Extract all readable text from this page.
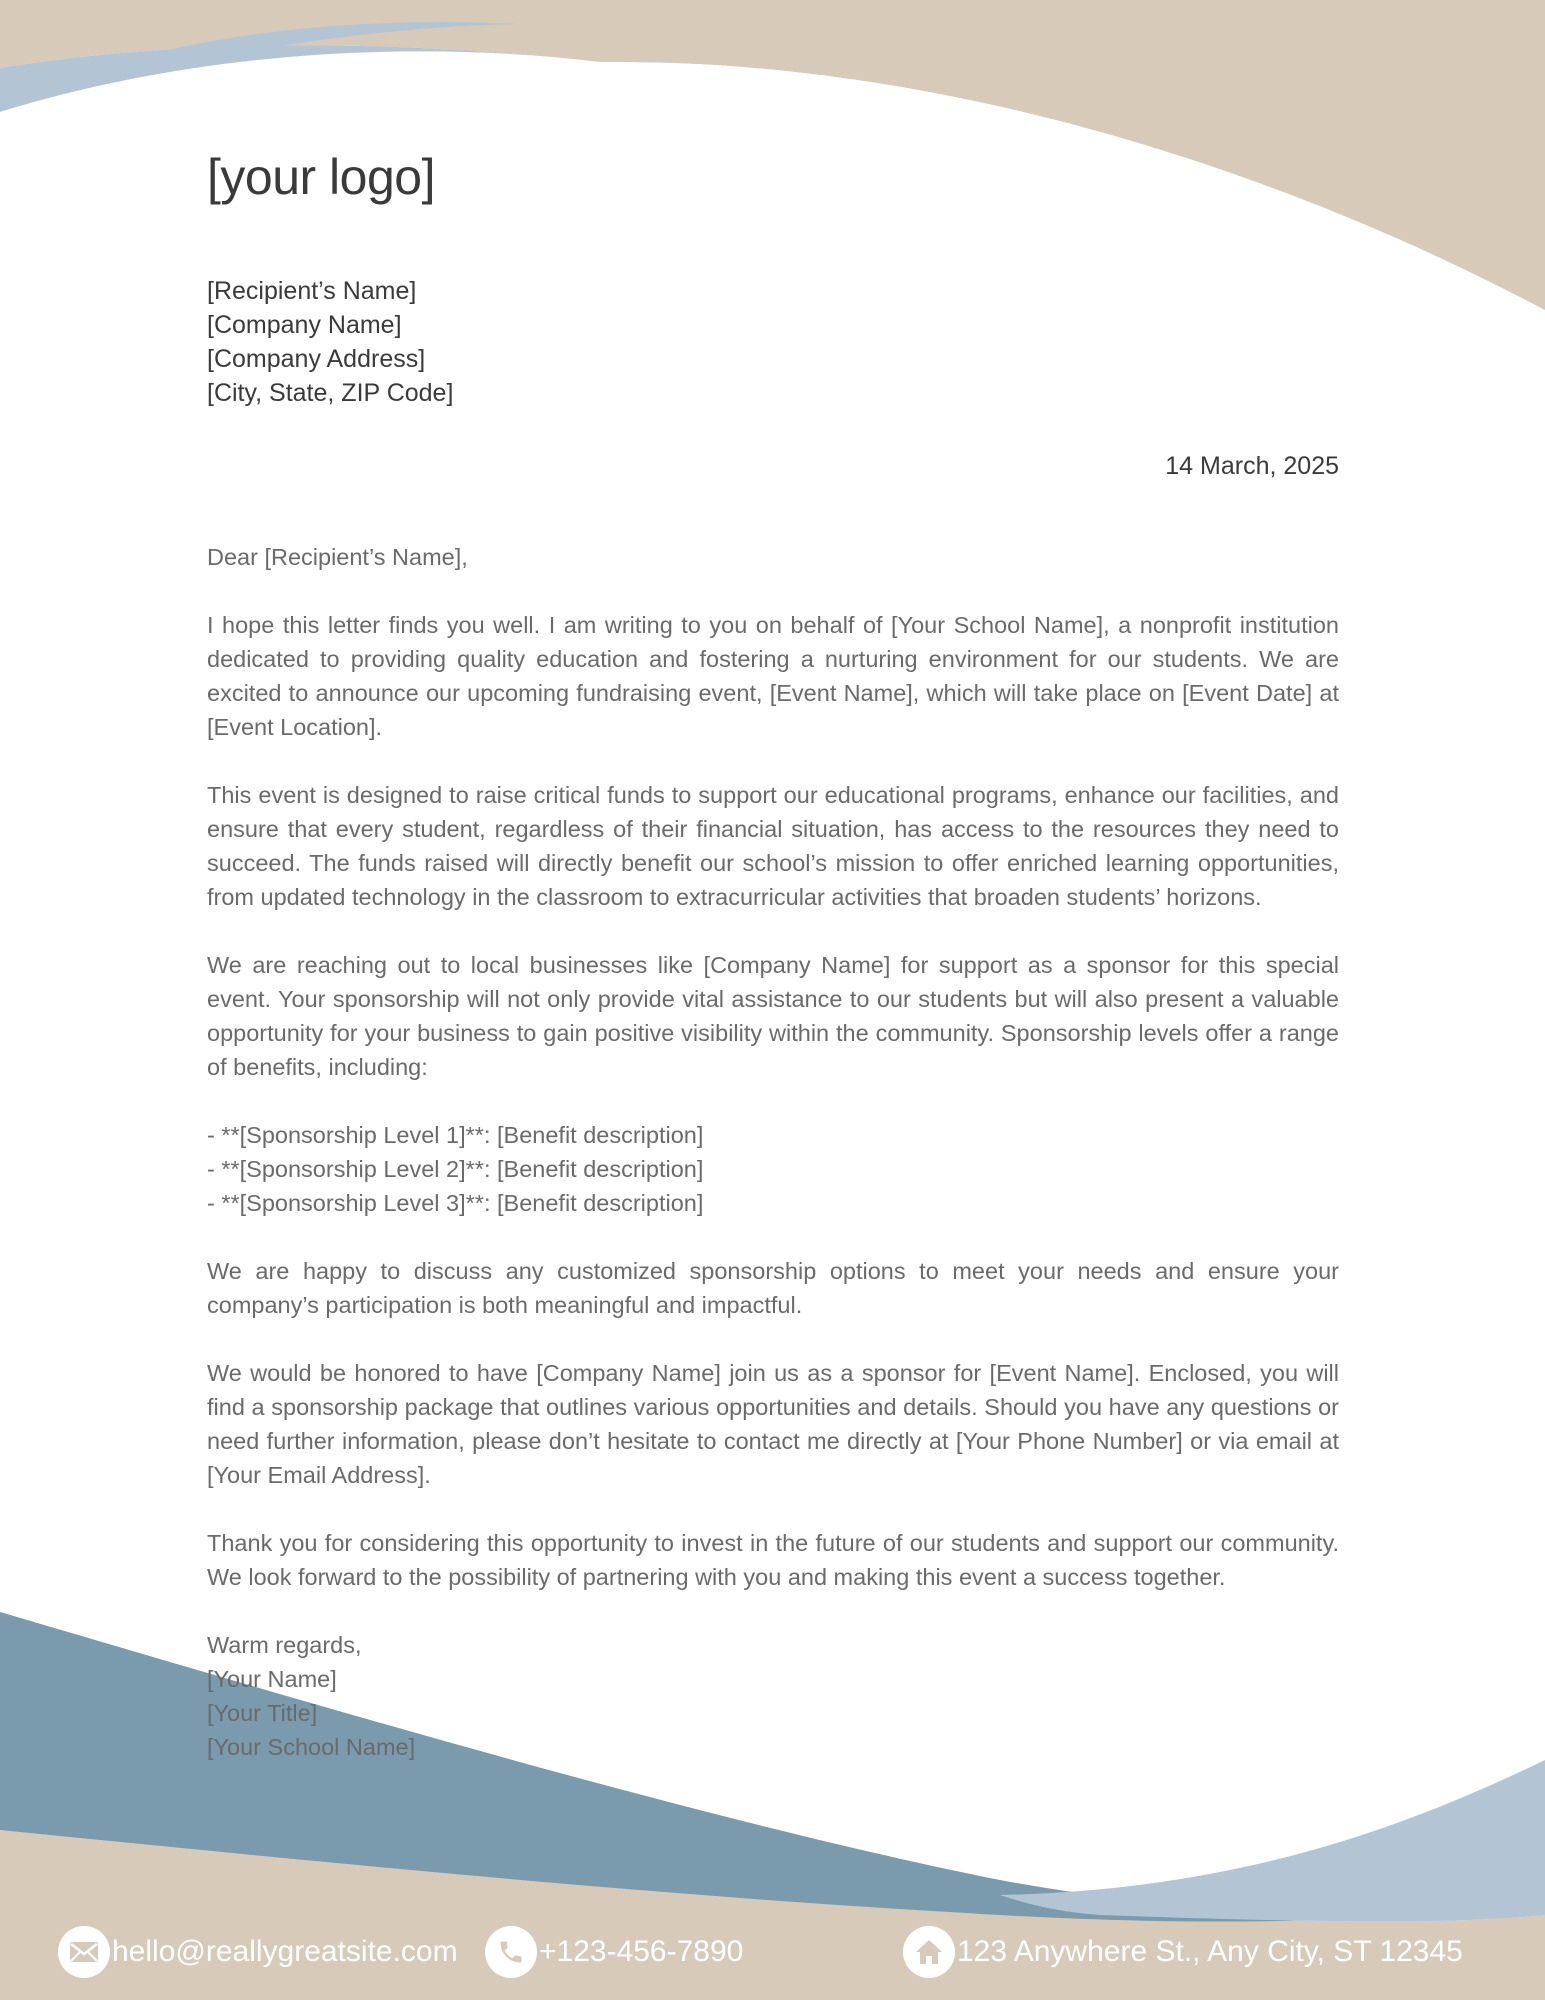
[your logo]
[Recipient’s Name]
[Company Name]
[Company Address]
[City, State, ZIP Code]
14 March, 2025

Dear [Recipient’s Name],

I hope this letter finds you well. I am writing to you on behalf of [Your School Name], a nonprofit institution dedicated to providing quality education and fostering a nurturing environment for our students. We are excited to announce our upcoming fundraising event, [Event Name], which will take place on [Event Date] at [Event Location].

This event is designed to raise critical funds to support our educational programs, enhance our facilities, and ensure that every student, regardless of their financial situation, has access to the resources they need to succeed. The funds raised will directly benefit our school’s mission to offer enriched learning opportunities, from updated technology in the classroom to extracurricular activities that broaden students’ horizons.

We are reaching out to local businesses like [Company Name] for support as a sponsor for this special event. Your sponsorship will not only provide vital assistance to our students but will also present a valuable opportunity for your business to gain positive visibility within the community. Sponsorship levels offer a range of benefits, including:

- **[Sponsorship Level 1]**: [Benefit description]
- **[Sponsorship Level 2]**: [Benefit description]
- **[Sponsorship Level 3]**: [Benefit description]

We are happy to discuss any customized sponsorship options to meet your needs and ensure your company’s participation is both meaningful and impactful.

We would be honored to have [Company Name] join us as a sponsor for [Event Name]. Enclosed, you will find a sponsorship package that outlines various opportunities and details. Should you have any questions or need further information, please don’t hesitate to contact me directly at [Your Phone Number] or via email at [Your Email Address].

Thank you for considering this opportunity to invest in the future of our students and support our community. We look forward to the possibility of partnering with you and making this event a success together.

Warm regards,
[Your Name]
[Your Title]
[Your School Name]
hello@reallygreatsite.com	+123-456-7890	123 Anywhere St., Any City, ST 12345
